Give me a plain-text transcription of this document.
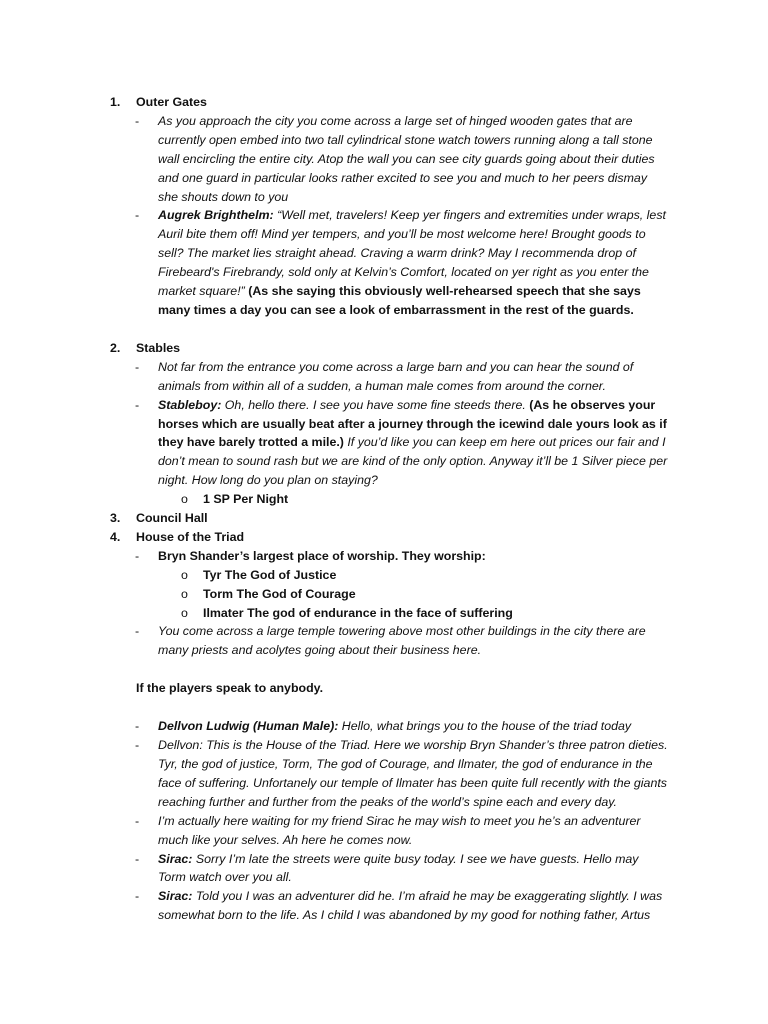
1.	Outer Gates
- As you approach the city you come across a large set of hinged wooden gates that are currently open embed into two tall cylindrical stone watch towers running along a tall stone wall encircling the entire city. Atop the wall you can see city guards going about their duties and one guard in particular looks rather excited to see you and much to her peers dismay she shouts down to you
- Augrek Brighthelm: “Well met, travelers! Keep yer fingers and extremities under wraps, lest Auril bite them off! Mind yer tempers, and you’ll be most welcome here! Brought goods to sell? The market lies straight ahead. Craving a warm drink? May I recommenda drop of Firebeard's Firebrandy, sold only at Kelvin’s Comfort, located on yer right as you enter the market square!” (As she saying this obviously well-rehearsed speech that she says many times a day you can see a look of embarrassment in the rest of the guards.
2.	Stables
- Not far from the entrance you come across a large barn and you can hear the sound of animals from within all of a sudden, a human male comes from around the corner.
- Stableboy: Oh, hello there. I see you have some fine steeds there. (As he observes your horses which are usually beat after a journey through the icewind dale yours look as if they have barely trotted a mile.) If you’d like you can keep em here out prices our fair and I don’t mean to sound rash but we are kind of the only option. Anyway it’ll be 1 Silver piece per night. How long do you plan on staying?
o 1 SP Per Night
3.	Council Hall
4.	House of the Triad
- Bryn Shander’s largest place of worship. They worship:
o Tyr The God of Justice
o Torm The God of Courage
o Ilmater The god of endurance in the face of suffering
- You come across a large temple towering above most other buildings in the city there are many priests and acolytes going about their business here.
If the players speak to anybody.
- Dellvon Ludwig (Human Male): Hello, what brings you to the house of the triad today
- Dellvon: This is the House of the Triad. Here we worship Bryn Shander’s three patron dieties. Tyr, the god of justice, Torm, The god of Courage, and Ilmater, the god of endurance in the face of suffering. Unfortanely our temple of Ilmater has been quite full recently with the giants reaching further and further from the peaks of the world’s spine each and every day.
- I’m actually here waiting for my friend Sirac he may wish to meet you he’s an adventurer much like your selves. Ah here he comes now.
- Sirac: Sorry I’m late the streets were quite busy today. I see we have guests. Hello may Torm watch over you all.
- Sirac: Told you I was an adventurer did he. I’m afraid he may be exaggerating slightly. I was somewhat born to the life. As I child I was abandoned by my good for nothing father, Artus
